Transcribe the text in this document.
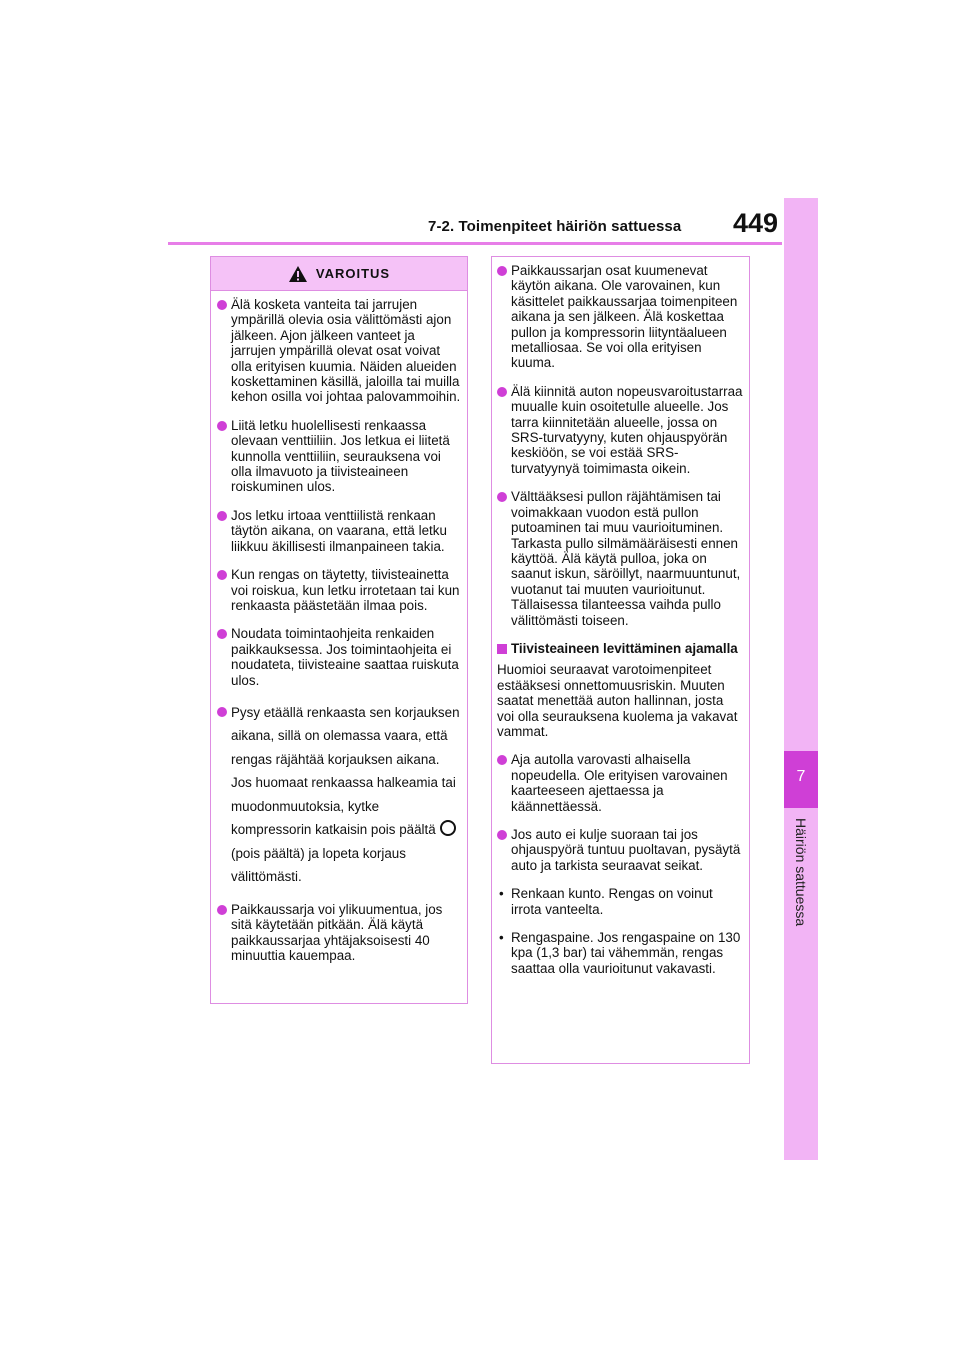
7-2. Toimenpiteet häiriön sattuessa 449
7
Häiriön sattuessa
VAROITUS
Älä kosketa vanteita tai jarrujen ympärillä olevia osia välittömästi ajon jälkeen. Ajon jälkeen vanteet ja jarrujen ympärillä olevat osat voivat olla erityisen kuumia. Näiden alueiden koskettaminen käsillä, jaloilla tai muilla kehon osilla voi johtaa palovammoihin.
Liitä letku huolellisesti renkaassa olevaan venttiiliin. Jos letkua ei liitetä kunnolla venttiiliin, seurauksena voi olla ilmavuoto ja tiivisteaineen roiskuminen ulos.
Jos letku irtoaa venttiilistä renkaan täytön aikana, on vaarana, että letku liikkuu äkillisesti ilmanpaineen takia.
Kun rengas on täytetty, tiivisteainetta voi roiskua, kun letku irrotetaan tai kun renkaasta päästetään ilmaa pois.
Noudata toimintaohjeita renkaiden paikkauksessa. Jos toimintaohjeita ei noudateta, tiivisteaine saattaa ruiskuta ulos.
Pysy etäällä renkaasta sen korjauksen aikana, sillä on olemassa vaara, että rengas räjähtää korjauksen aikana. Jos huomaat renkaassa halkeamia tai muodonmuutoksia, kytke kompressorin katkaisin pois päältä(pois päältä) ja lopeta korjaus välittömästi.
Paikkaussarja voi ylikuumentua, jos sitä käytetään pitkään. Älä käytä paikkaussarjaa yhtäjaksoisesti 40 minuuttia kauempaa.
Paikkaussarjan osat kuumenevat käytön aikana. Ole varovainen, kun käsittelet paikkaussarjaa toimenpiteen aikana ja sen jälkeen. Älä koskettaa pullon ja kompressorin liityntäalueen metalliosaa. Se voi olla erityisen kuuma.
Älä kiinnitä auton nopeusvaroitustarraa muualle kuin osoitetulle alueelle. Jos tarra kiinnitetään alueelle, jossa on SRS-turvatyyny, kuten ohjauspyörän keskiöön, se voi estää SRS-turvatyynyä toimimasta oikein.
Välttääksesi pullon räjähtämisen tai voimakkaan vuodon estä pullon putoaminen tai muu vaurioituminen. Tarkasta pullo silmämääräisesti ennen käyttöä. Älä käytä pulloa, joka on saanut iskun, säröillyt, naarmuuntunut, vuotanut tai muuten vaurioitunut. Tällaisessa tilanteessa vaihda pullo välittömästi toiseen.
Tiivisteaineen levittäminen ajamalla
Huomioi seuraavat varotoimenpiteet estääksesi onnettomuusriskin. Muuten saatat menettää auton hallinnan, josta voi olla seurauksena kuolema ja vakavat vammat.
Aja autolla varovasti alhaisella nopeudella. Ole erityisen varovainen kaarteeseen ajettaessa ja käännettäessä.
Jos auto ei kulje suoraan tai jos ohjauspyörä tuntuu puoltavan, pysäytä auto ja tarkista seuraavat seikat.
• Renkaan kunto. Rengas on voinut irrota vanteelta.
• Rengaspaine. Jos rengaspaine on 130 kpa (1,3 bar) tai vähemmän, rengas saattaa olla vaurioitunut vakavasti.
